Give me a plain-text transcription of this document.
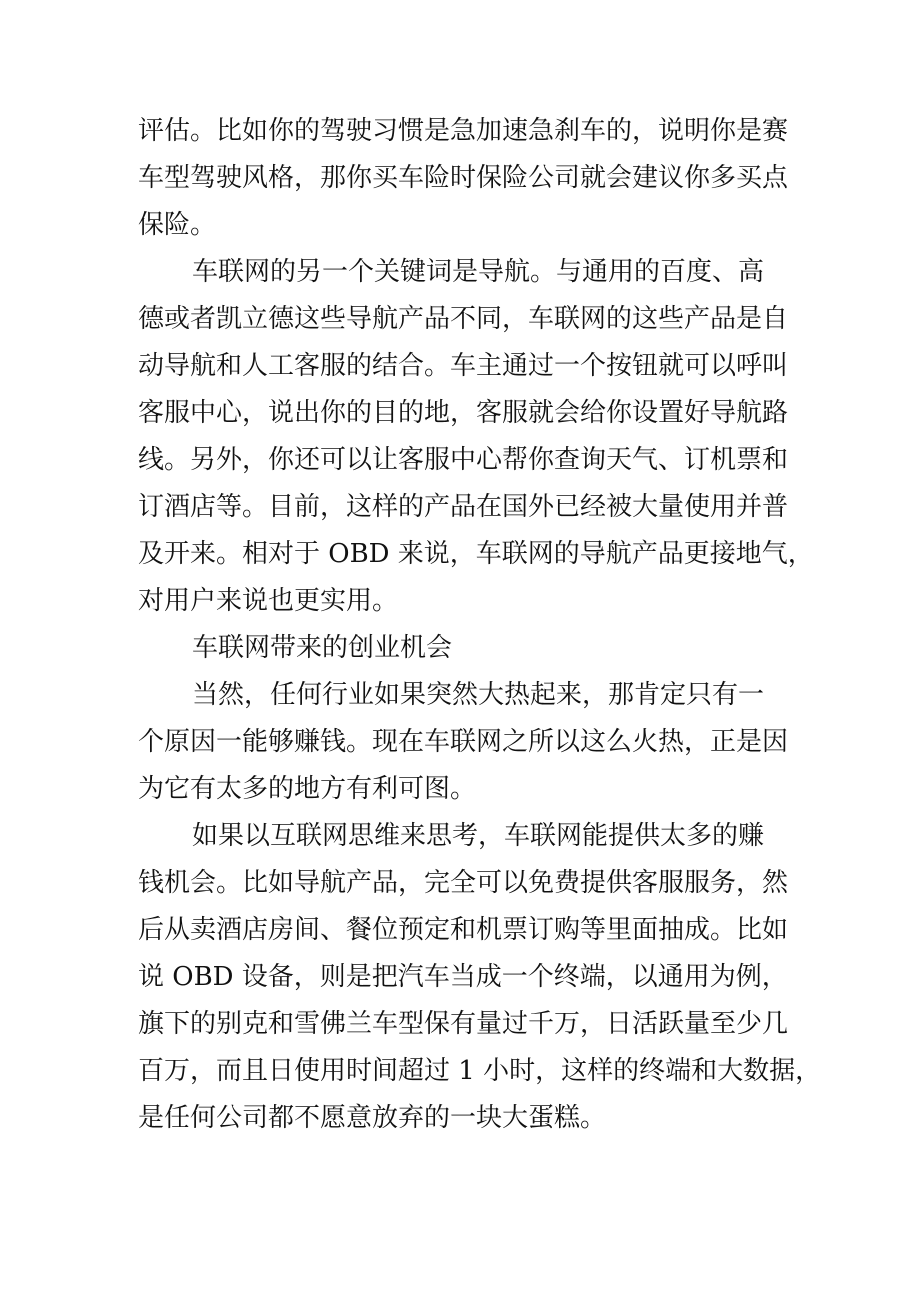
评估。比如你的驾驶习惯是急加速急刹车的，说明你是赛
车型驾驶风格，那你买车险时保险公司就会建议你多买点
保险。
车联网的另一个关键词是导航。与通用的百度、高
德或者凯立德这些导航产品不同，车联网的这些产品是自
动导航和人工客服的结合。车主通过一个按钮就可以呼叫
客服中心，说出你的目的地，客服就会给你设置好导航路
线。另外，你还可以让客服中心帮你查询天气、订机票和
订酒店等。目前，这样的产品在国外已经被大量使用并普
及开来。相对于 OBD 来说，车联网的导航产品更接地气，
对用户来说也更实用。
车联网带来的创业机会
当然，任何行业如果突然大热起来，那肯定只有一
个原因一能够赚钱。现在车联网之所以这么火热，正是因
为它有太多的地方有利可图。
如果以互联网思维来思考，车联网能提供太多的赚
钱机会。比如导航产品，完全可以免费提供客服服务，然
后从卖酒店房间、餐位预定和机票订购等里面抽成。比如
说 OBD 设备，则是把汽车当成一个终端，以通用为例，
旗下的别克和雪佛兰车型保有量过千万，日活跃量至少几
百万，而且日使用时间超过 1 小时，这样的终端和大数据，
是任何公司都不愿意放弃的一块大蛋糕。
